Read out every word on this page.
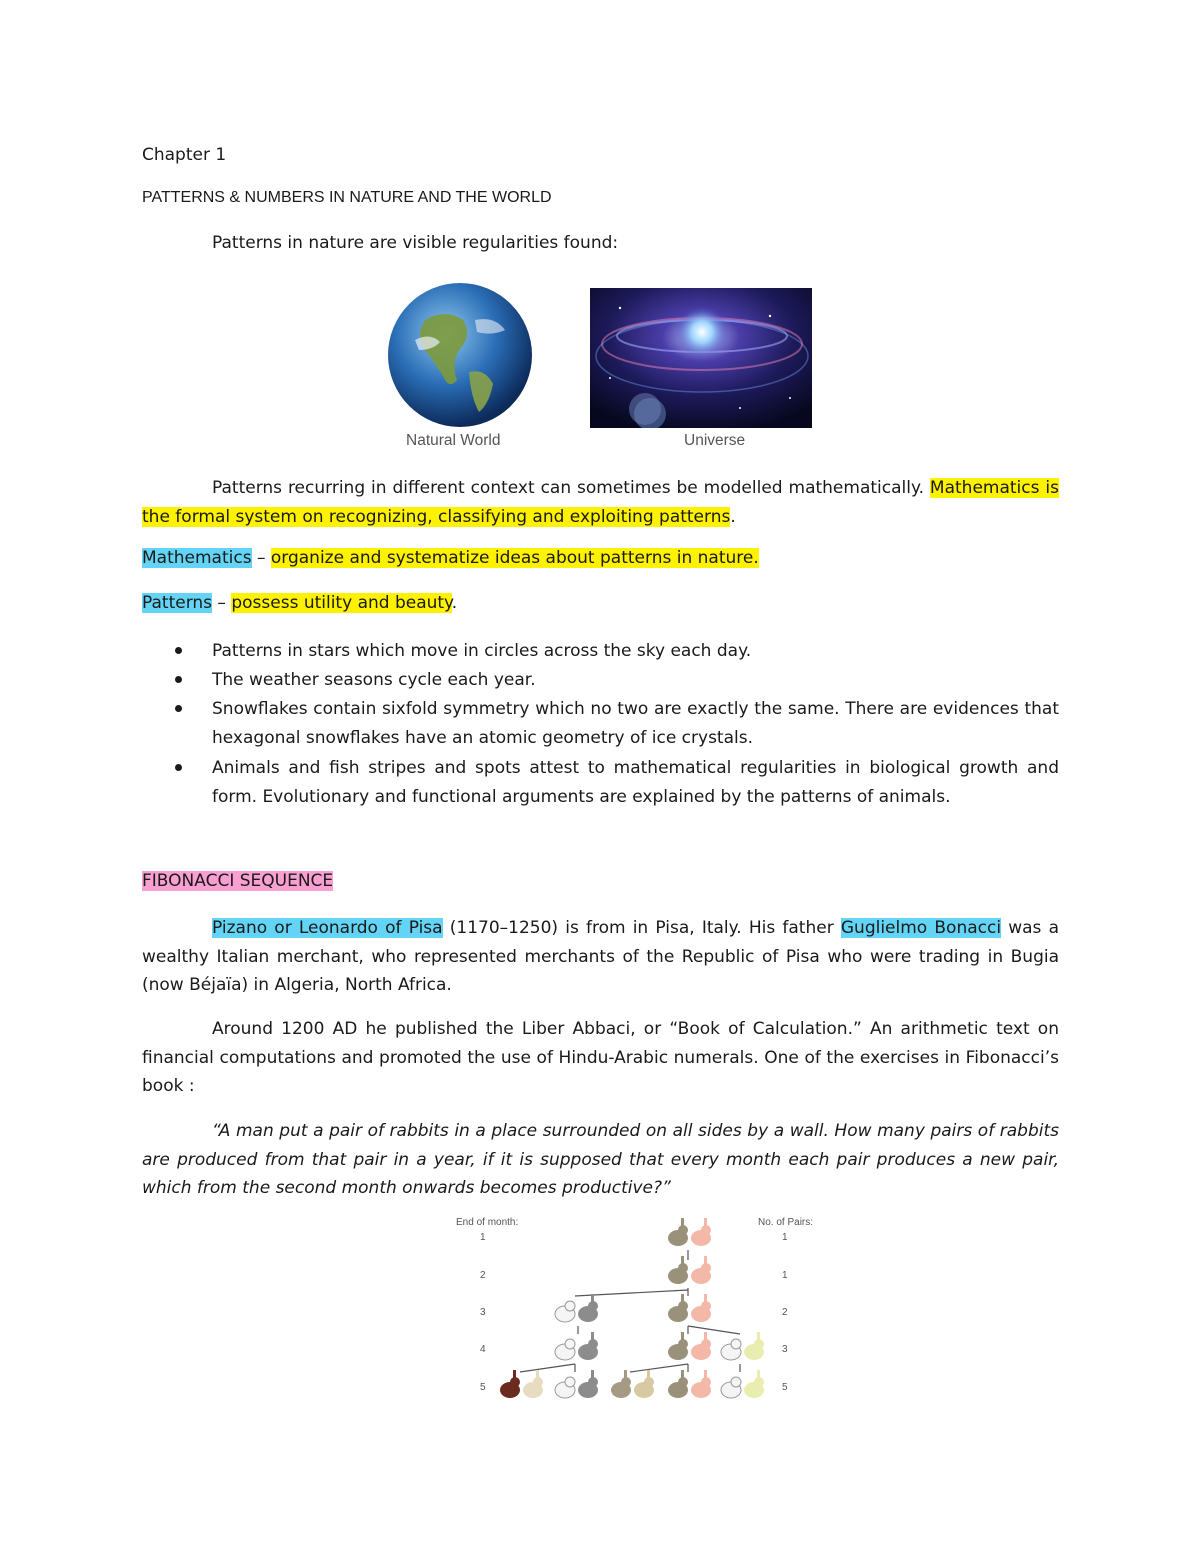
Chapter 1
PATTERNS & NUMBERS IN NATURE AND THE WORLD
Patterns in nature are visible regularities found:
Natural World	Universe
Patterns recurring in different context can sometimes be modelled mathematically. Mathematics is the formal system on recognizing, classifying and exploiting patterns.
Mathematics – organize and systematize ideas about patterns in nature.
Patterns – possess utility and beauty.
Patterns in stars which move in circles across the sky each day.
The weather seasons cycle each year.
Snowflakes contain sixfold symmetry which no two are exactly the same. There are evidences that hexagonal snowflakes have an atomic geometry of ice crystals.
Animals and fish stripes and spots attest to mathematical regularities in biological growth and form. Evolutionary and functional arguments are explained by the patterns of animals.
FIBONACCI SEQUENCE
Pizano or Leonardo of Pisa (1170–1250) is from in Pisa, Italy. His father Guglielmo Bonacci was a wealthy Italian merchant, who represented merchants of the Republic of Pisa who were trading in Bugia (now Béjaïa) in Algeria, North Africa.
Around 1200 AD he published the Liber Abbaci, or “Book of Calculation.” An arithmetic text on financial computations and promoted the use of Hindu-Arabic numerals. One of the exercises in Fibonacci’s book :
“A man put a pair of rabbits in a place surrounded on all sides by a wall. How many pairs of rabbits are produced from that pair in a year, if it is supposed that every month each pair produces a new pair, which from the second month onwards becomes productive?”
End of month:	No. of Pairs:
1
2
3
4
5
1
1
2
3
5
